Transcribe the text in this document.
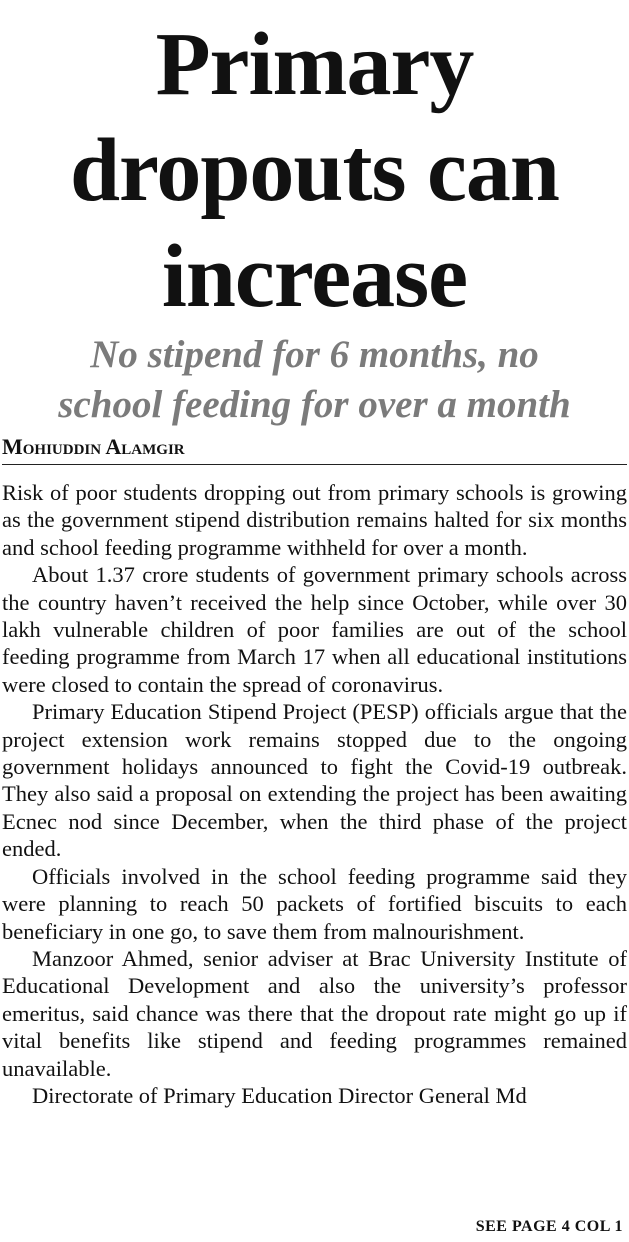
Primary
dropouts can
increase
No stipend for 6 months, no
school feeding for over a month
Mohiuddin Alamgir

Risk of poor students dropping out from primary schools is growing as the government stipend distribution remains halted for six months and school feeding programme withheld for over a month.

About 1.37 crore students of government primary schools across the country haven’t received the help since October, while over 30 lakh vulnerable children of poor families are out of the school feeding programme from March 17 when all educational institutions were closed to contain the spread of coronavirus.

Primary Education Stipend Project (PESP) officials argue that the project extension work remains stopped due to the ongoing government holidays announced to fight the Covid-19 outbreak. They also said a proposal on extending the project has been awaiting Ecnec nod since December, when the third phase of the project ended.

Officials involved in the school feeding programme said they were planning to reach 50 packets of fortified biscuits to each beneficiary in one go, to save them from malnourishment.

Manzoor Ahmed, senior adviser at Brac University Institute of Educational Development and also the university’s professor emeritus, said chance was there that the dropout rate might go up if vital benefits like stipend and feeding programmes remained unavailable.

Directorate of Primary Education Director General Md

SEE PAGE 4 COL 1
